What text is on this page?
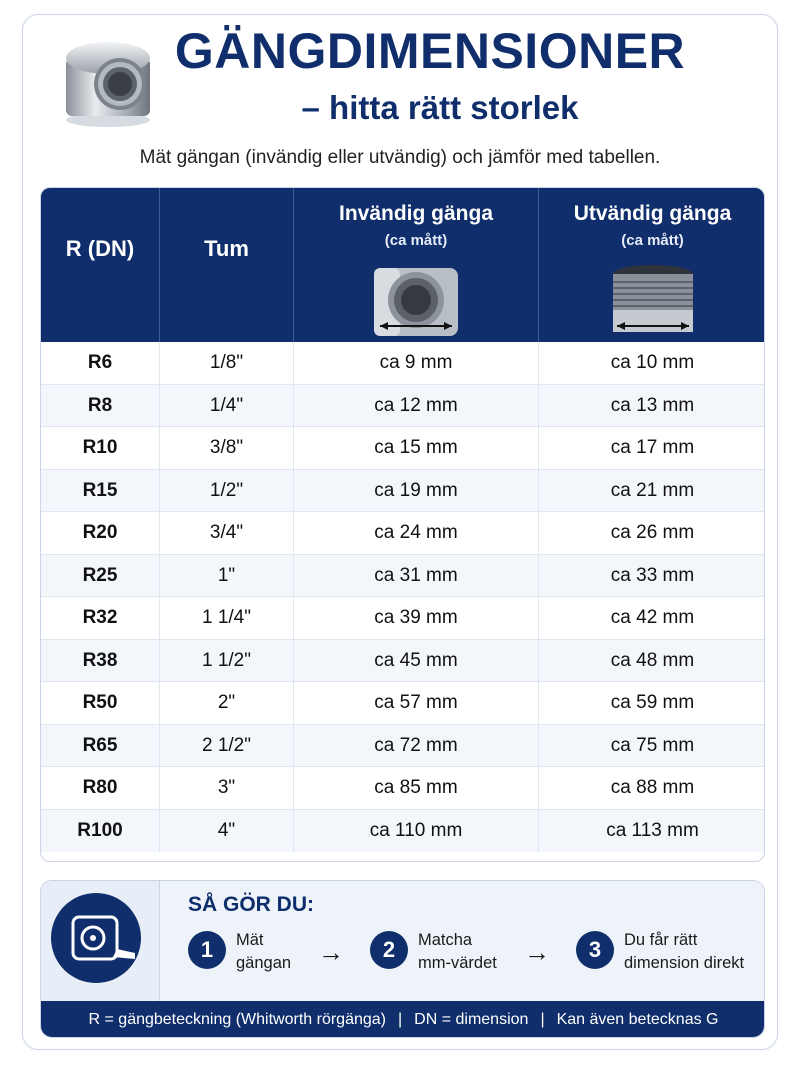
GÄNGDIMENSIONER
– hitta rätt storlek
Mät gängan (invändig eller utvändig) och jämför med tabellen.
R (DN)	Tum
Invändig gänga
(ca mått)
Utvändig gänga
(ca mått)
R6	1/8"	ca 9 mm	ca 10 mm
R8	1/4"	ca 12 mm	ca 13 mm
R10	3/8"	ca 15 mm	ca 17 mm
R15	1/2"	ca 19 mm	ca 21 mm
R20	3/4"	ca 24 mm	ca 26 mm
R25	1"	ca 31 mm	ca 33 mm
R32	1 1/4"	ca 39 mm	ca 42 mm
R38	1 1/2"	ca 45 mm	ca 48 mm
R50	2"	ca 57 mm	ca 59 mm
R65	2 1/2"	ca 72 mm	ca 75 mm
R80	3"	ca 85 mm	ca 88 mm
R100	4"	ca 110 mm	ca 113 mm
SÅ GÖR DU:
1	Mät
gängan →	2	Matcha
mm-värdet →	3	Du får rätt
dimension direkt
R = gängbeteckning (Whitworth rörgänga) | DN = dimension | Kan även betecknas G
